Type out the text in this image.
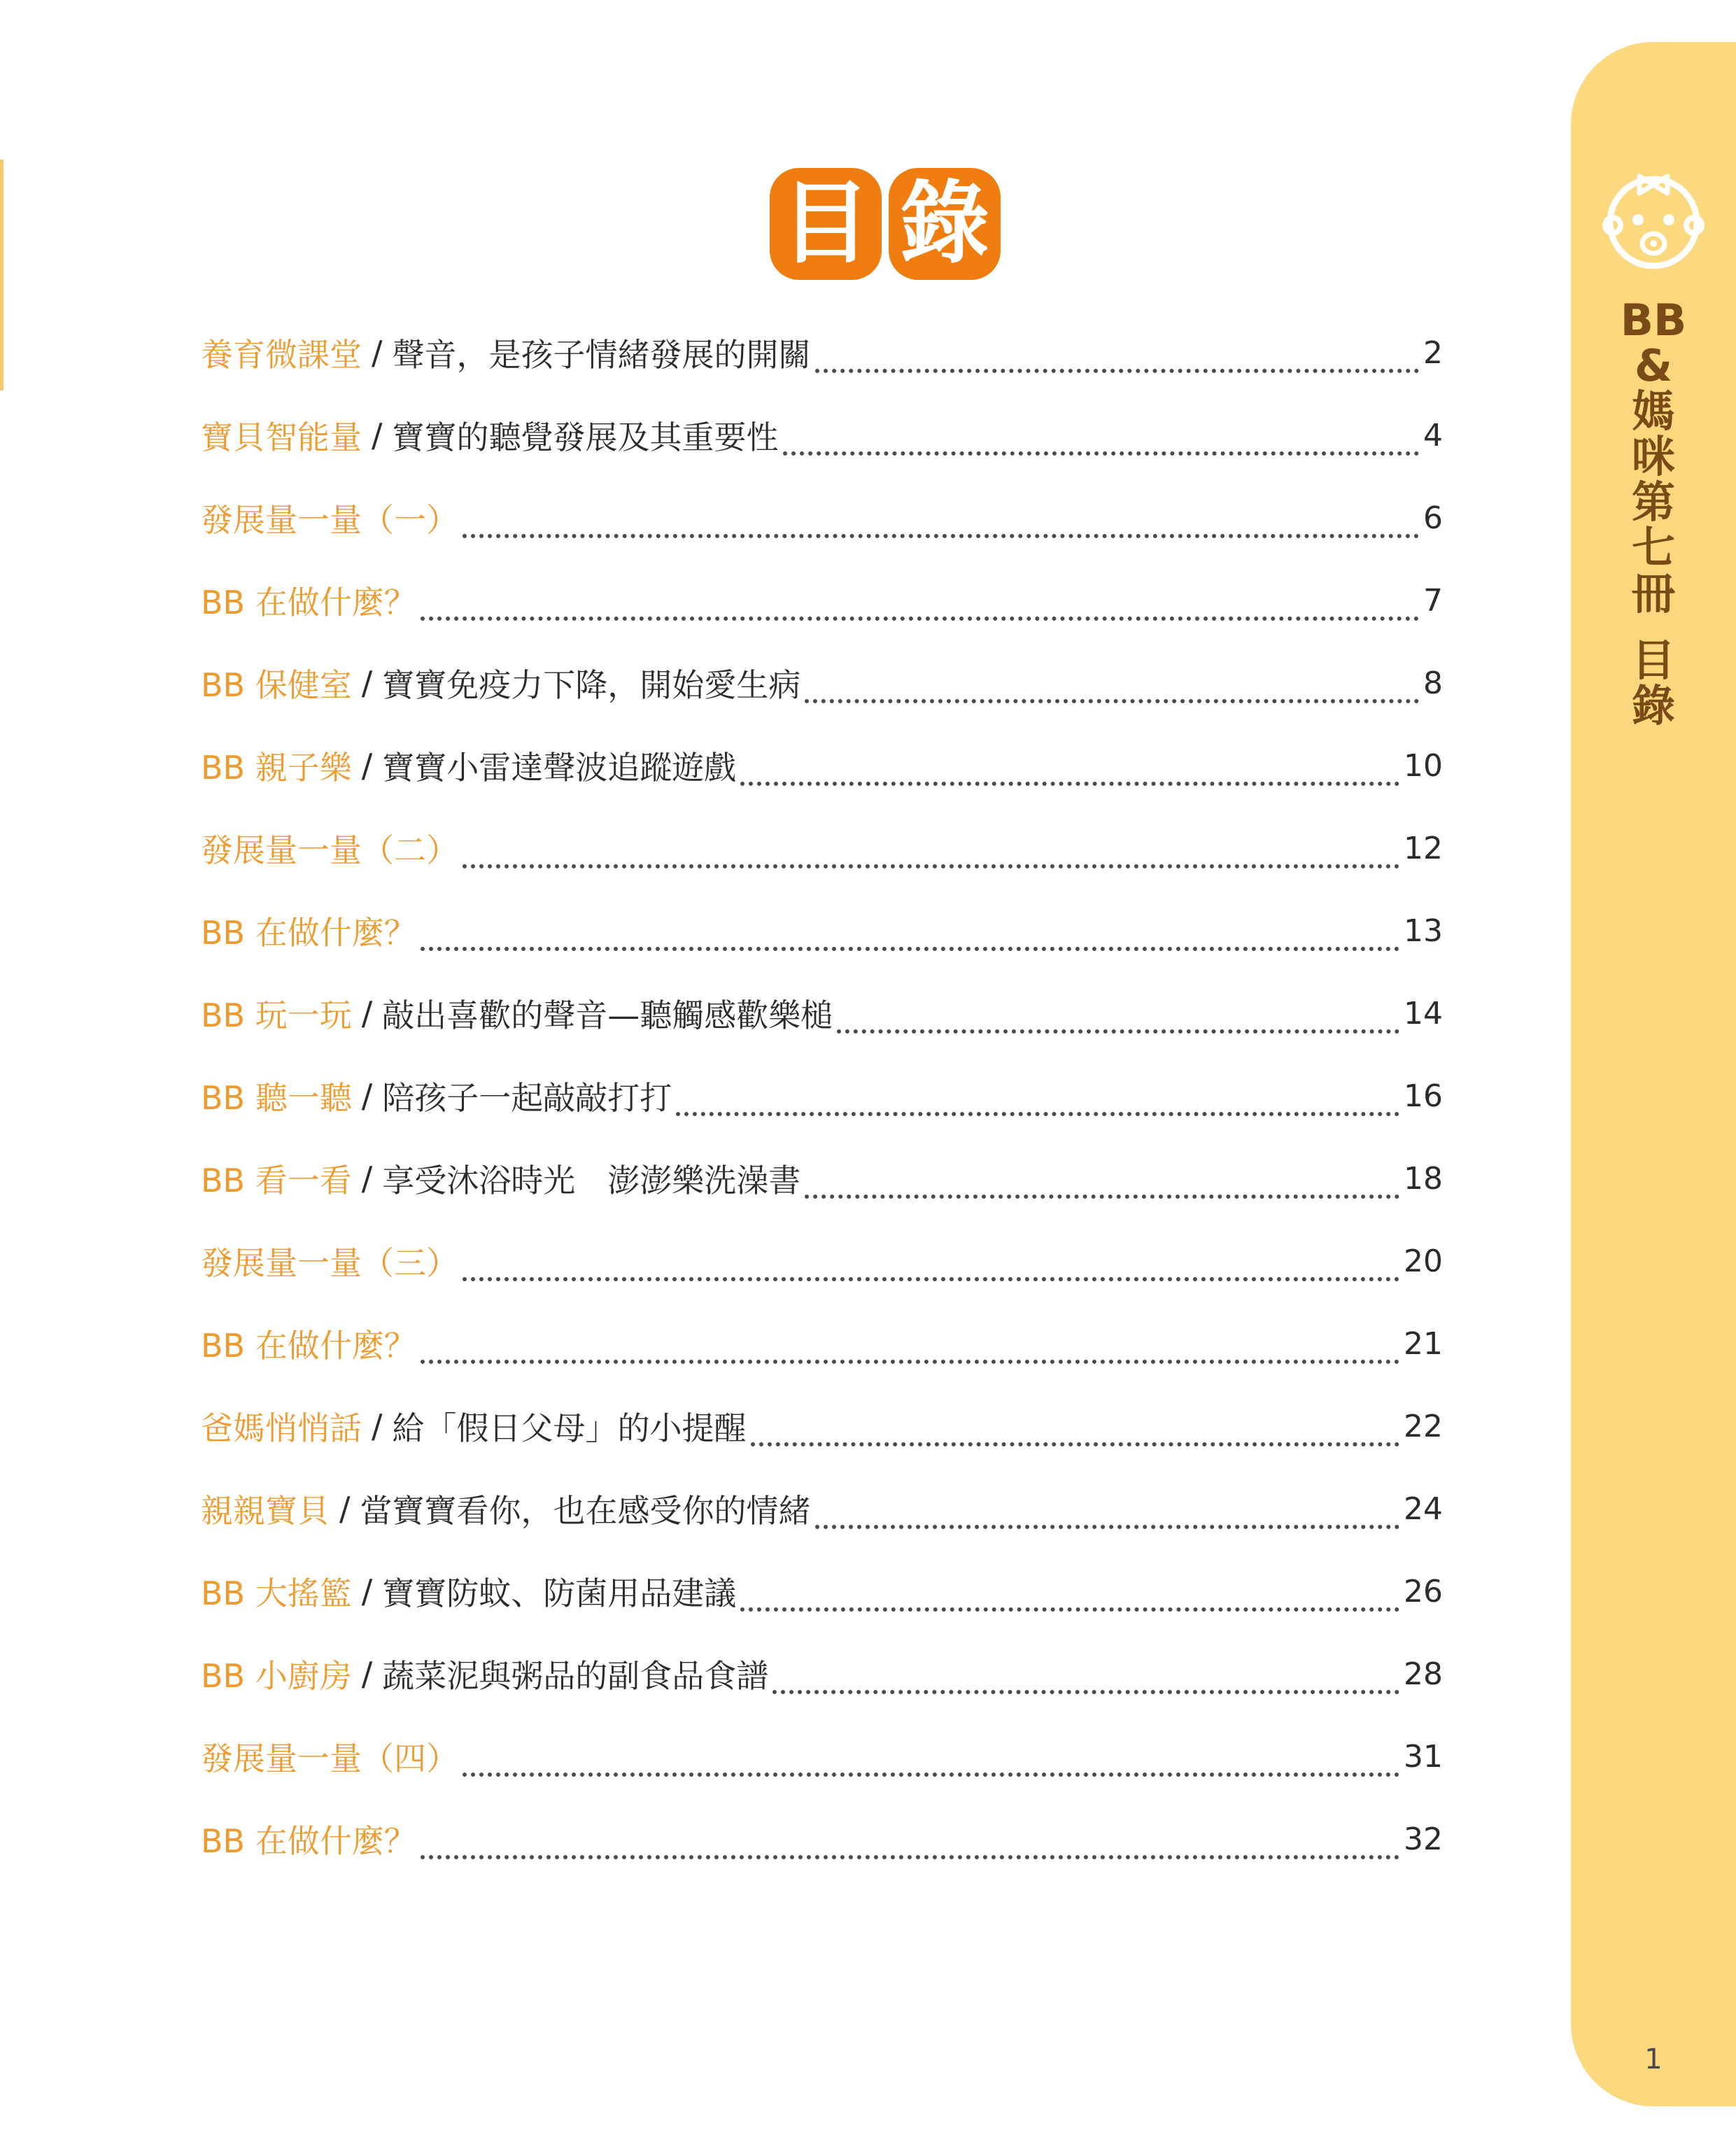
目 錄
養育微課堂 / 聲音，是孩子情緒發展的開關	2
寶貝智能量 / 寶寶的聽覺發展及其重要性	4
發展量一量（一）	6
BB 在做什麼？	7
BB 保健室 / 寶寶免疫力下降，開始愛生病	8
BB 親子樂 / 寶寶小雷達聲波追蹤遊戲	10
發展量一量（二）	12
BB 在做什麼？	13
BB 玩一玩 / 敲出喜歡的聲音—聽觸感歡樂槌	14
BB 聽一聽 / 陪孩子一起敲敲打打	16
BB 看一看 / 享受沐浴時光　澎澎樂洗澡書	18
發展量一量（三）	20
BB 在做什麼？	21
爸媽悄悄話 / 給「假日父母」的小提醒	22
親親寶貝 / 當寶寶看你，也在感受你的情緒	24
BB 大搖籃 / 寶寶防蚊、防菌用品建議	26
BB 小廚房 / 蔬菜泥與粥品的副食品食譜	28
發展量一量（四）	31
BB 在做什麼？	32
BB
&
媽
咪
第
七
冊
目
錄
1
